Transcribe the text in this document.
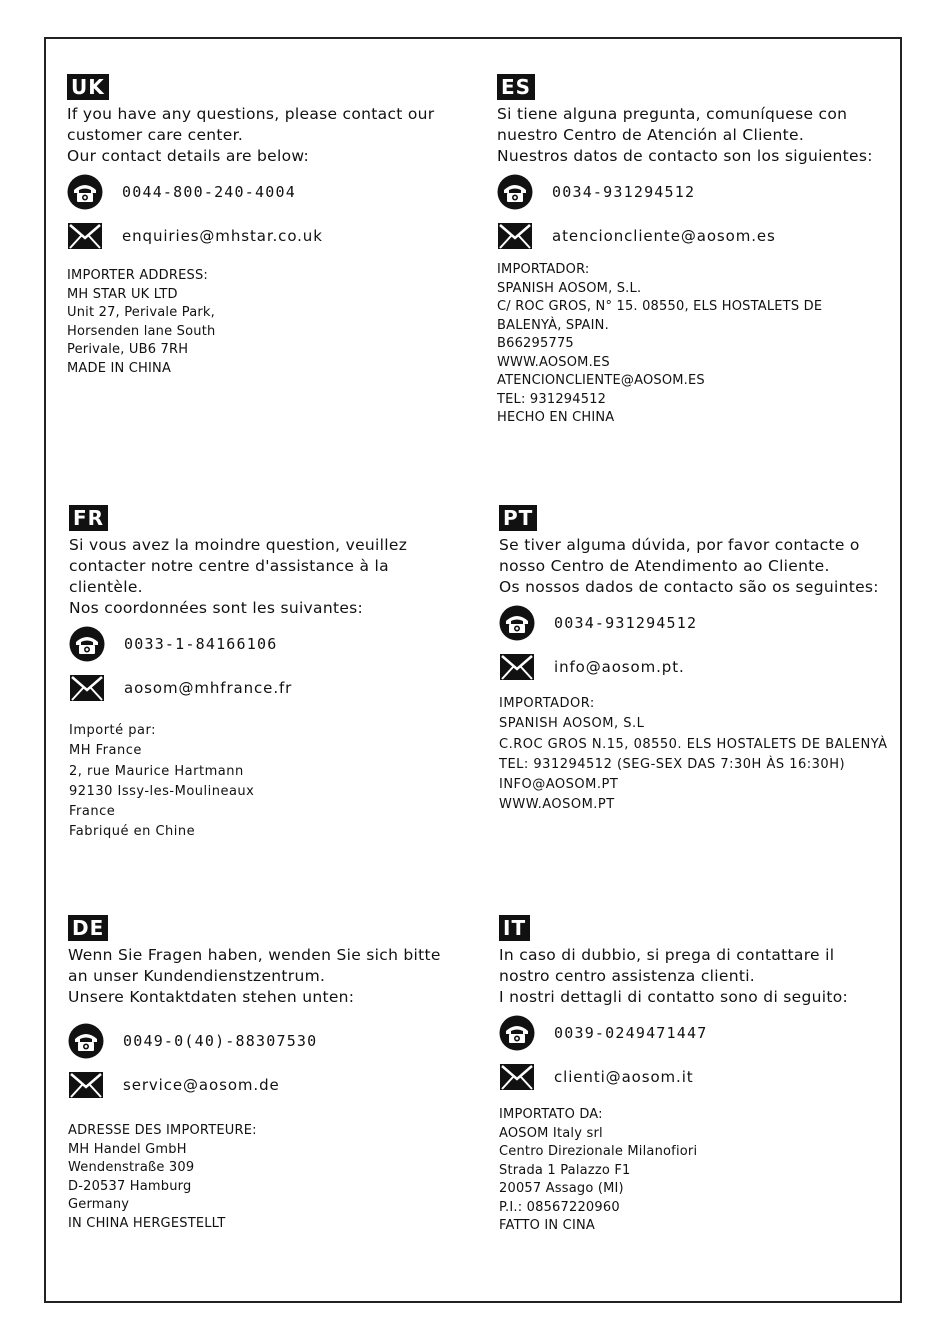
UK
If you have any questions, please contact our
customer care center.
Our contact details are below:
0044-800-240-4004
enquiries@mhstar.co.uk
IMPORTER ADDRESS:
MH STAR UK LTD
Unit 27, Perivale Park,
Horsenden lane South
Perivale, UB6 7RH
MADE IN CHINA
ES
Si tiene alguna pregunta, comuníquese con
nuestro Centro de Atención al Cliente.
Nuestros datos de contacto son los siguientes:
0034-931294512
atencioncliente@aosom.es
IMPORTADOR:
SPANISH AOSOM, S.L.
C/ ROC GROS, N° 15. 08550, ELS HOSTALETS DE
BALENYÀ, SPAIN.
B66295775
WWW.AOSOM.ES
ATENCIONCLIENTE@AOSOM.ES
TEL: 931294512
HECHO EN CHINA
FR
Si vous avez la moindre question, veuillez
contacter notre centre d'assistance à la
clientèle.
Nos coordonnées sont les suivantes:
0033-1-84166106
aosom@mhfrance.fr
Importé par:
MH France
2, rue Maurice Hartmann
92130 Issy-les-Moulineaux
France
Fabriqué en Chine
PT
Se tiver alguma dúvida, por favor contacte o
nosso Centro de Atendimento ao Cliente.
Os nossos dados de contacto são os seguintes:
0034-931294512
info@aosom.pt.
IMPORTADOR:
SPANISH AOSOM, S.L
C.ROC GROS N.15, 08550. ELS HOSTALETS DE BALENYÀ
TEL: 931294512 (SEG-SEX DAS 7:30H ÀS 16:30H)
INFO@AOSOM.PT
WWW.AOSOM.PT
DE
Wenn Sie Fragen haben, wenden Sie sich bitte
an unser Kundendienstzentrum.
Unsere Kontaktdaten stehen unten:
0049-0(40)-88307530
service@aosom.de
ADRESSE DES IMPORTEURE:
MH Handel GmbH
Wendenstraße 309
D-20537 Hamburg
Germany
IN CHINA HERGESTELLT
IT
In caso di dubbio, si prega di contattare il
nostro centro assistenza clienti.
I nostri dettagli di contatto sono di seguito:
0039-0249471447
clienti@aosom.it
IMPORTATO DA:
AOSOM Italy srl
Centro Direzionale Milanofiori
Strada 1 Palazzo F1
20057 Assago (MI)
P.I.: 08567220960
FATTO IN CINA
